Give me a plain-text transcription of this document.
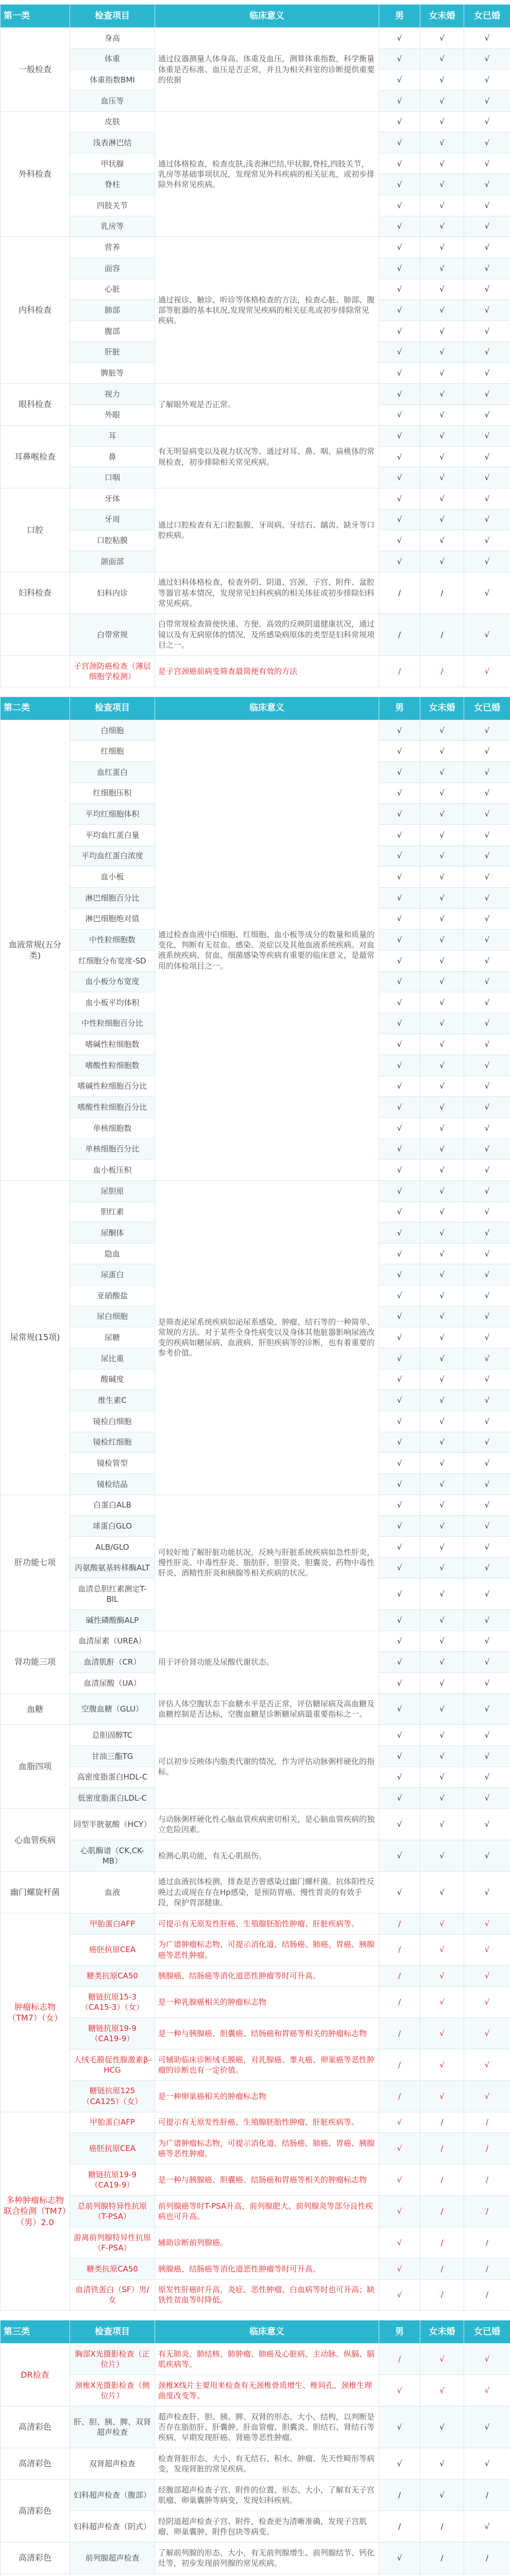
第一类	检查项目	临床意义	男	女未婚	女已婚
一般检查	身高	通过仪器测量人体身高、体重及血压，测算体重指数，科学衡量体重是否标准、血压是否正常，并且为相关科室的诊断提供重要的依据	√	√	√
	体重		√	√	√
	体重指数BMI		√	√	√
	血压等		√	√	√
外科检查	皮肤	通过体格检查，检查皮肤,浅表淋巴结,甲状腺,脊柱,四肢关节，乳房等基础事项状况，发现常见外科疾病的相关征兆，或初步排除外科常见疾病。	√	√	√
	浅表淋巴结		√	√	√
	甲状腺		√	√	√
	脊柱		√	√	√
	四肢关节		√	√	√
	乳房等		√	√	√
内科检查	营养	通过视诊、触诊、听诊等体格检查的方法，检查心脏、肺部、腹部等脏器的基本状况,发现常见疾病的相关征兆或初步排除常见疾病。	√	√	√
	面容		√	√	√
	心脏		√	√	√
	肺部		√	√	√
	腹部		√	√	√
	肝脏		√	√	√
	脾脏等		√	√	√
眼科检查	视力	了解眼外观是否正常。	√	√	√
	外眼		√	√	√
耳鼻喉检查	耳	有无明显病变以及视力状况等。通过对耳、鼻、咽、扁桃体的常规检查，初步排除相关常见疾病。	√	√	√
	鼻		√	√	√
	口咽		√	√	√
口腔	牙体	通过口腔检查有无口腔黏膜、牙周病、牙结石、龋齿、缺牙等口腔疾病。	√	√	√
	牙周		√	√	√
	口腔粘膜		√	√	√
	颌面部		√	√	√
妇科检查	妇科内诊	通过妇科体格检查，检查外阴、阴道、宫颈、子宫、附件、盆腔等器官基本情况，发现常见妇科疾病的相关体征或初步排除妇科常见疾病。	/	/	√
	白带常规	白带常规检查简便快速、方便、高效的反映阴道健康状况，通过镜以及有无病原体的情况，及所感染病原体的类型是妇科常规项目之一。	/	/	√
	子宫颈防癌检查（薄层细胞学检测）	是子宫颈癌前病变筛查最简便有效的方法	/	/	√

第二类	检查项目	临床意义	男	女未婚	女已婚
血液常规(五分类)	白细胞	通过检查血液中白细胞、红细胞、血小板等成分的数量和质量的变化，判断有无贫血、感染、炎症以及其他血液系统疾病。对血液系统疾病、贫血、细菌感染等疾病有重要的临床意义，是最常用的体检项目之一。	√	√	√
	红细胞		√	√	√
	血红蛋白		√	√	√
	红细胞压积		√	√	√
	平均红细胞体积		√	√	√
	平均血红蛋白量		√	√	√
	平均血红蛋白浓度		√	√	√
	血小板		√	√	√
	淋巴细胞百分比		√	√	√
	淋巴细胞绝对值		√	√	√
	中性粒细胞数		√	√	√
	红细胞分布宽度-SD		√	√	√
	血小板分布宽度		√	√	√
	血小板平均体积		√	√	√
	中性粒细胞百分比		√	√	√
	嗜碱性粒细胞数		√	√	√
	嗜酸性粒细胞数		√	√	√
	嗜碱性粒细胞百分比		√	√	√
	嗜酸性粒细胞百分比		√	√	√
	单核细胞数		√	√	√
	单核细胞百分比		√	√	√
	血小板压积		√	√	√
尿常规(15项)	尿胆原	是筛查泌尿系统疾病如泌尿系感染、肿瘤、结石等的一种简单、常规的方法。对于某些全身性病变以及身体其他脏器影响尿液改变的疾病如糖尿病、血液病、肝胆疾病等的诊断，也有着重要的参考价值。	√	√	√
	胆红素		√	√	√
	尿酮体		√	√	√
	隐血		√	√	√
	尿蛋白		√	√	√
	亚硝酸盐		√	√	√
	尿白细胞		√	√	√
	尿糖		√	√	√
	尿比重		√	√	√
	酸碱度		√	√	√
	维生素C		√	√	√
	镜检白细胞		√	√	√
	镜检红细胞		√	√	√
	镜检管型		√	√	√
	镜检结晶		√	√	√
肝功能七项	白蛋白ALB	可较好地了解肝脏功能状况，反映与肝脏系统疾病如急性肝炎，慢性肝炎、中毒性肝炎、脂肪肝、胆管炎、胆囊炎、药物中毒性肝炎、酒精性肝炎和胰腺等相关疾病的状况。	√	√	√
	球蛋白GLO		√	√	√
	ALB/GLO		√	√	√
	丙氨酸氨基转移酶ALT		√	√	√
	血清总胆红素测定T-BIL		√	√	√
	碱性磷酸酶ALP		√	√	√
肾功能三项	血清尿素（UREA）	用于评价肾功能及尿酸代谢状态。	√	√	√
	血清肌酐（CR）		√	√	√
	血清尿酸（UA）		√	√	√
血糖	空腹血糖（GLU）	评估人体空腹状态下血糖水平是否正常，评估糖尿病及高血糖及血糖控制是否达标，空腹血糖是诊断糖尿病最重要指标之一。	√	√	√
血脂四项	总胆固醇TC	可以初步反映体内脂类代谢的情况，作为评估动脉粥样硬化的指标。	√	√	√
	甘油三酯TG		√	√	√
	高密度脂蛋白HDL-C		√	√	√
	低密度脂蛋白LDL-C		√	√	√
心血管疾病	同型半胱氨酸（HCY）	与动脉粥样硬化性心脑血管疾病密切相关，是心脑血管疾病的独立危险因素。	√	√	√
	心肌酶谱（CK,CK-MB）	检测心肌功能，有无心肌损伤。	√	√	√
幽门螺旋杆菌	血液	通过血液抗体检测，排查是否曾感染过幽门螺杆菌。抗体阳性反映过去或现在存在Hp感染，是预防胃癌、慢性胃炎的有效手段，保护胃部健康。	√	√	√
肿瘤标志物（TM7）（女）	甲胎蛋白AFP	可提示有无原发性肝癌、生殖腺胚胎性肿瘤、肝脏疾病等。	/	√	√
	癌胚抗原CEA	为广谱肿瘤标志物，可提示消化道、结肠癌、肺癌、胃癌、胰腺癌等恶性肿瘤。	/	√	√
	糖类抗原CA50	胰腺癌、结肠癌等消化道恶性肿瘤等时可升高。	/	√	√
	糖链抗原15-3（CA15-3）（女）	是一种乳腺癌相关的肿瘤标志物	/	√	√
	糖链抗原19-9（CA19-9）	是一种与胰腺癌、胆囊癌、结肠癌和胃癌等相关的肿瘤标志物	/	√	√
	人绒毛膜促性腺激素β-HCG	可辅助临床诊断绒毛膜癌，对乳腺癌、睾丸癌、卵巢癌等恶性肿瘤的诊断也有一定价值。	/	√	√
	糖链抗原125（CA125）（女）	是一种卵巢癌相关的肿瘤标志物	/	√	√
多种肿瘤标志物联合检测（TM7）（男）2.0	甲胎蛋白AFP	可提示有无原发性肝癌、生殖腺胚胎性肿瘤、肝脏疾病等。	√	/	/
	癌胚抗原CEA	为广谱肿瘤标志物，可提示消化道、结肠癌、肺癌、胃癌、胰腺癌等恶性肿瘤。	√	/	/
	糖链抗原19-9（CA19-9）	是一种与胰腺癌、胆囊癌、结肠癌和胃癌等相关的肿瘤标志物	√	/	/
	总前列腺特异性抗原（T-PSA）	前列腺癌等时T-PSA升高，前列腺肥大、前列腺炎等部分良性疾病也可升高。	√	/	/
	游离前列腺特异性抗原（F-PSA）	辅助诊断前列腺癌。	√	/	/
	糖类抗原CA50	胰腺癌、结肠癌等消化道恶性肿瘤等时可升高。	√	/	/
	血清铁蛋白（SF）男/女	原发性肝癌时升高，炎症、恶性肿瘤、白血病等时也可升高；缺铁性贫血等时降低。	√	/	/

第三类	检查项目	临床意义	男	女未婚	女已婚
DR检查	胸部X光摄影检查（正位片）	有无肺炎、肺结核、肺肿瘤、肺癌及心脏病、主动脉、纵膈、膈肌疾病等。	/	√	√
	颈椎X光摄影检查（侧位片）	颈椎X线片主要用来检查有无颈椎骨质增生、椎间孔、颈椎生理曲度改变等。	√	√	√
高清彩色	肝、胆、胰、脾、双肾超声检查	超声检查肝、胆、胰、脾、双肾的形态、大小、结构，以判断是否存在脂肪肝、肝囊肿、肝血管瘤、胆囊炎、胆结石、肾结石等疾病，早期发现肝癌、肾癌等恶性肿瘤。	√	√	√
高清彩色	双肾超声检查	检查肾脏形态、大小、有无结石、积水、肿瘤、先天性畸形等病变，发现肾脏的常见疾病。	√	√	√
高清彩色	妇科超声检查（腹部）	经腹部超声检查子宫、附件的位置、形态、大小，了解有无子宫肌瘤、卵巢囊肿等病变，发现妇科疾病。	/	√	/
	妇科超声检查（阴式）	经阴道超声检查子宫、附件，检查更为清晰准确，发现子宫肌瘤、卵巢囊肿、附件包块等病变。	/	/	√
高清彩色	前列腺超声检查	了解前列腺的形态、大小，有无前列腺增生、前列腺结节、钙化灶等，初步发现前列腺的常见疾病。	√	/	/
